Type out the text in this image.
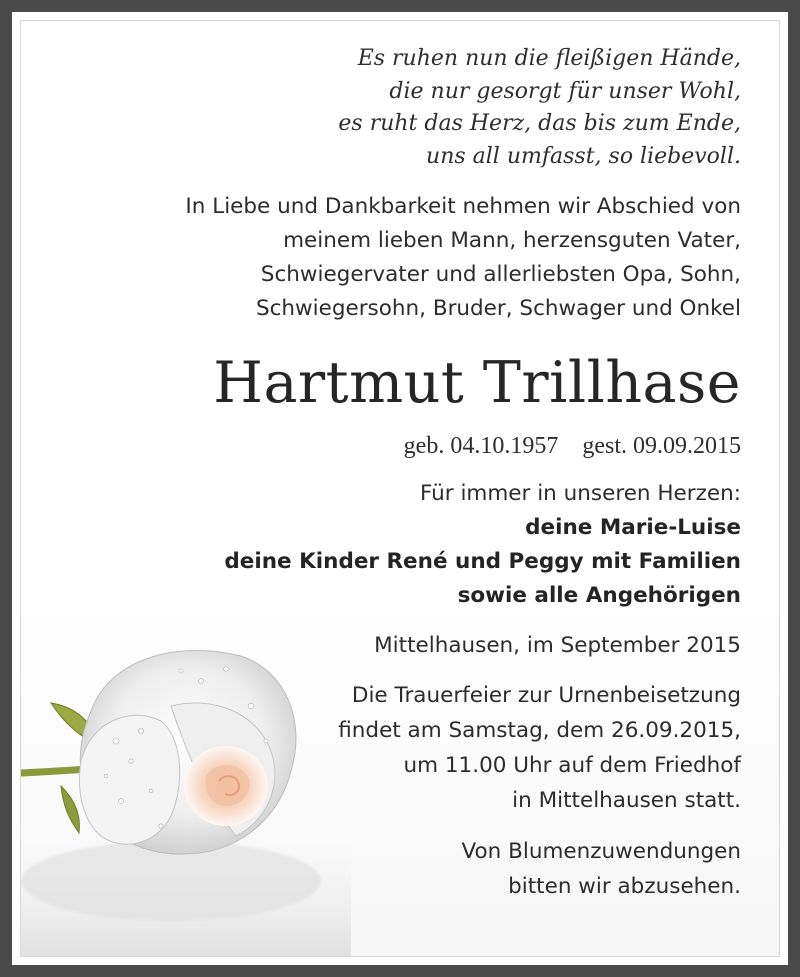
Es ruhen nun die fleißigen Hände,
die nur gesorgt für unser Wohl,
es ruht das Herz, das bis zum Ende,
uns all umfasst, so liebevoll.
In Liebe und Dankbarkeit nehmen wir Abschied von
meinem lieben Mann, herzensguten Vater,
Schwiegervater und allerliebsten Opa, Sohn,
Schwiegersohn, Bruder, Schwager und Onkel
Hartmut Trillhase
geb. 04.10.1957 gest. 09.09.2015
Für immer in unseren Herzen:
deine Marie-Luise
deine Kinder René und Peggy mit Familien
sowie alle Angehörigen
Mittelhausen, im September 2015
Die Trauerfeier zur Urnenbeisetzung
findet am Samstag, dem 26.09.2015,
um 11.00 Uhr auf dem Friedhof
in Mittelhausen statt.
Von Blumenzuwendungen
bitten wir abzusehen.
